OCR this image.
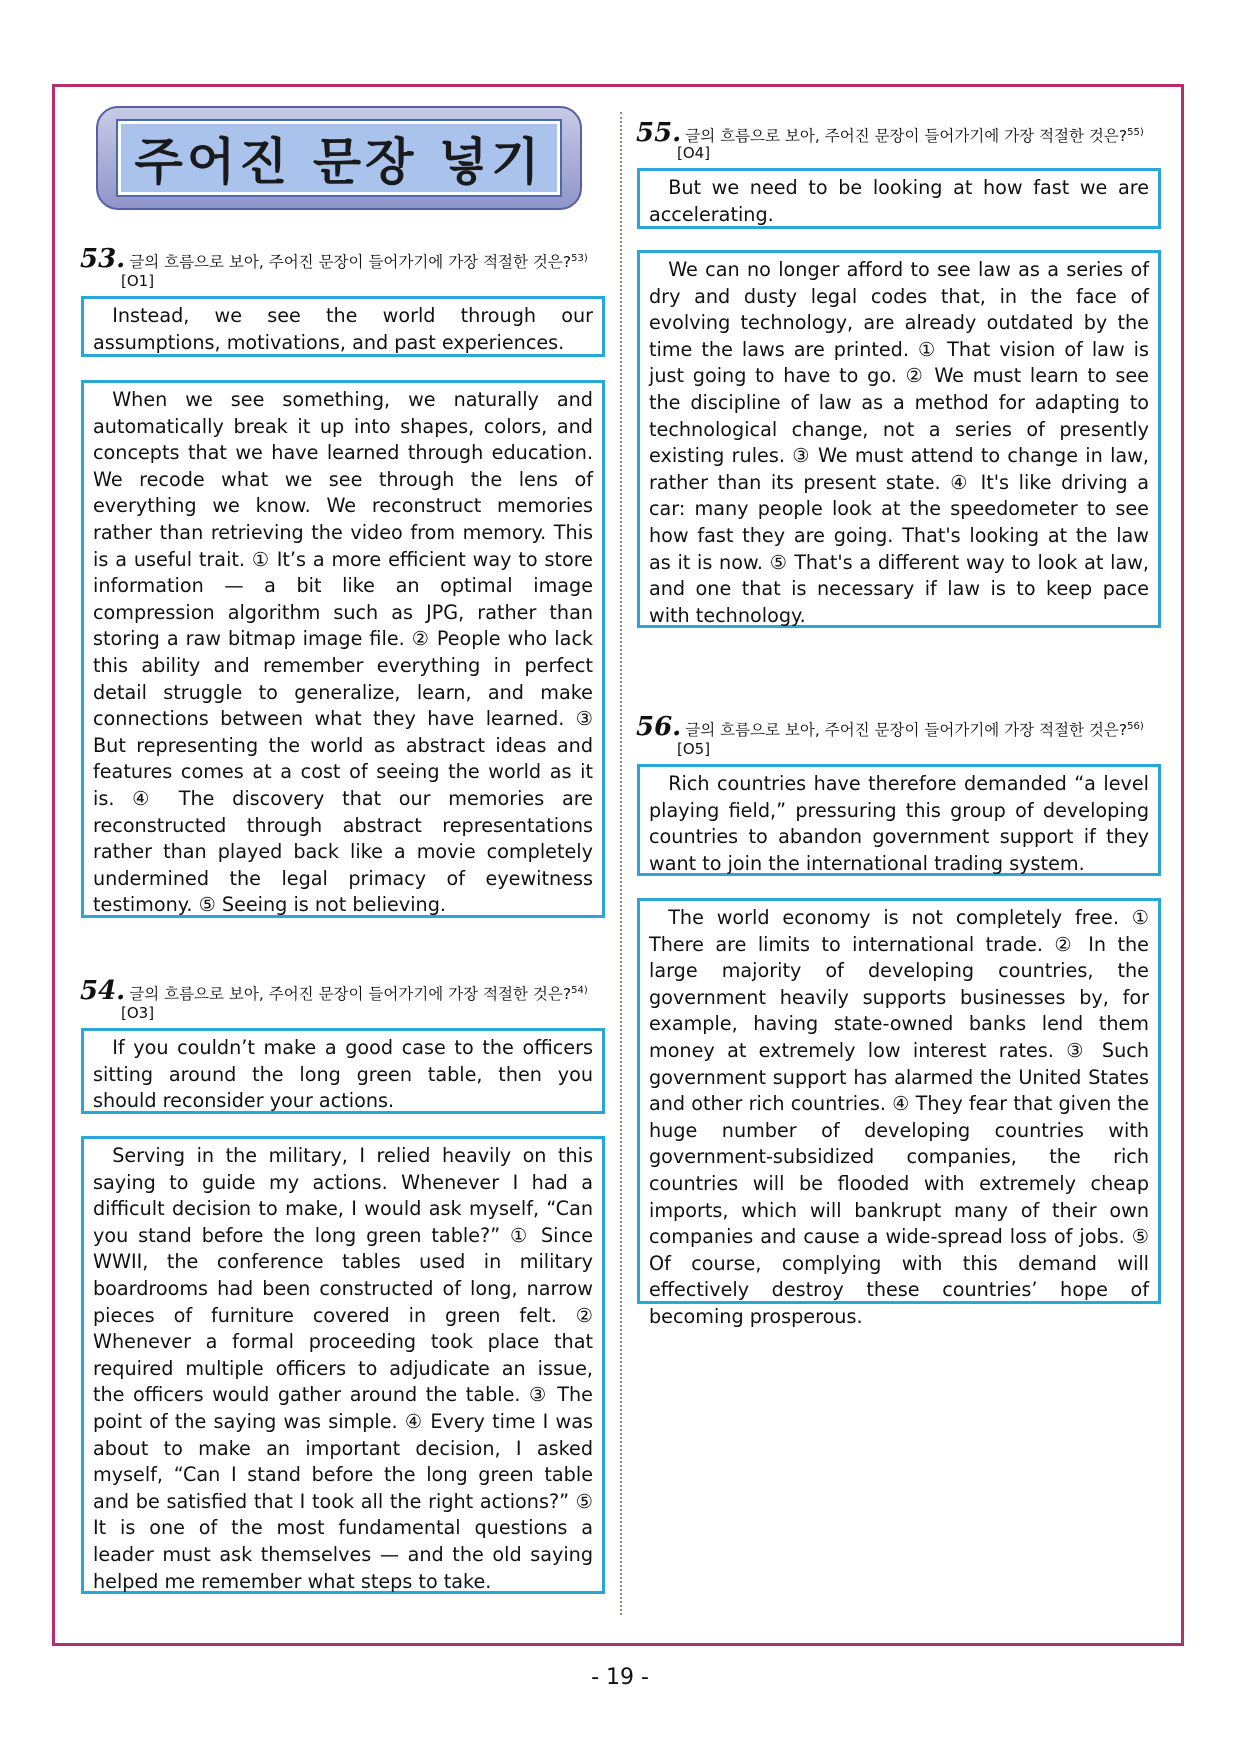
주어진 문장 넣기
53. 글의 흐름으로 보아, 주어진 문장이 들어가기에 가장 적절한 것은?$^{53)}$
[O1]
Instead, we see the world through our assumptions, motivations, and past experiences.
When we see something, we naturally and automatically break it up into shapes, colors, and concepts that we have learned through education. We recode what we see through the lens of everything we know. We reconstruct memories rather than retrieving the video from memory. This is a useful trait. ① It’s a more efficient way to store information — a bit like an optimal image compression algorithm such as JPG, rather than storing a raw bitmap image file. ② People who lack this ability and remember everything in perfect detail struggle to generalize, learn, and make connections between what they have learned. ③ But representing the world as abstract ideas and features comes at a cost of seeing the world as it is. ④ The discovery that our memories are reconstructed through abstract representations rather than played back like a movie completely undermined the legal primacy of eyewitness testimony. ⑤ Seeing is not believing.
54. 글의 흐름으로 보아, 주어진 문장이 들어가기에 가장 적절한 것은?$^{54)}$
[O3]
If you couldn’t make a good case to the officers sitting around the long green table, then you should reconsider your actions.
Serving in the military, I relied heavily on this saying to guide my actions. Whenever I had a difficult decision to make, I would ask myself, “Can you stand before the long green table?” ① Since WWII, the conference tables used in military boardrooms had been constructed of long, narrow pieces of furniture covered in green felt. ② Whenever a formal proceeding took place that required multiple officers to adjudicate an issue, the officers would gather around the table. ③ The point of the saying was simple. ④ Every time I was about to make an important decision, I asked myself, “Can I stand before the long green table and be satisfied that I took all the right actions?” ⑤ It is one of the most fundamental questions a leader must ask themselves — and the old saying helped me remember what steps to take.
55. 글의 흐름으로 보아, 주어진 문장이 들어가기에 가장 적절한 것은?$^{55)}$
[O4]
But we need to be looking at how fast we are accelerating.
We can no longer afford to see law as a series of dry and dusty legal codes that, in the face of evolving technology, are already outdated by the time the laws are printed. ① That vision of law is just going to have to go. ② We must learn to see the discipline of law as a method for adapting to technological change, not a series of presently existing rules. ③ We must attend to change in law, rather than its present state. ④ It's like driving a car: many people look at the speedometer to see how fast they are going. That's looking at the law as it is now. ⑤ That's a different way to look at law, and one that is necessary if law is to keep pace with technology.
56. 글의 흐름으로 보아, 주어진 문장이 들어가기에 가장 적절한 것은?$^{56)}$
[O5]
Rich countries have therefore demanded “a level playing field,” pressuring this group of developing countries to abandon government support if they want to join the international trading system.
The world economy is not completely free. ① There are limits to international trade. ② In the large majority of developing countries, the government heavily supports businesses by, for example, having state-owned banks lend them money at extremely low interest rates. ③ Such government support has alarmed the United States and other rich countries. ④ They fear that given the huge number of developing countries with government-subsidized companies, the rich countries will be flooded with extremely cheap imports, which will bankrupt many of their own companies and cause a wide-spread loss of jobs. ⑤ Of course, complying with this demand will effectively destroy these countries’ hope of becoming prosperous.
- 19 -
